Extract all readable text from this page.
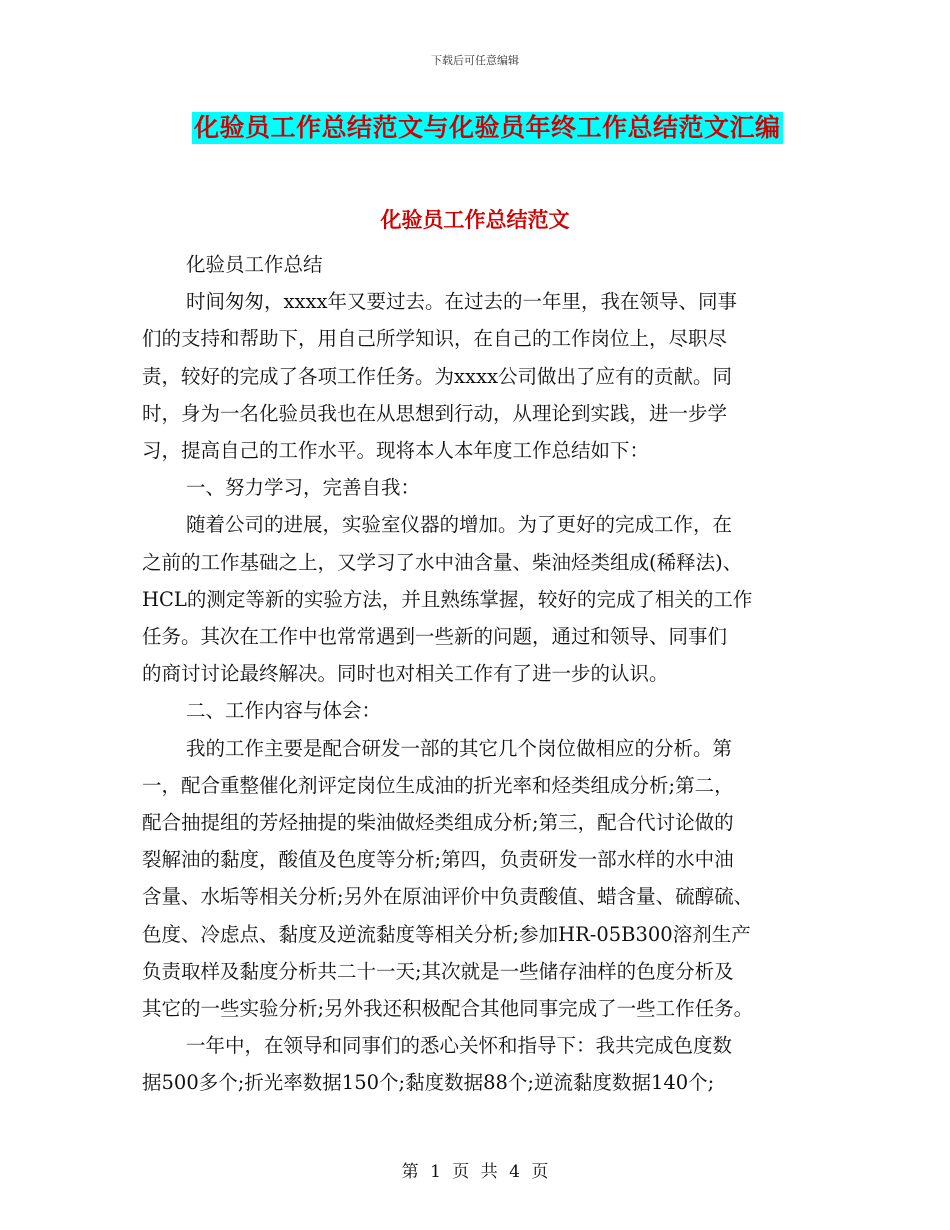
下载后可任意编辑
化验员工作总结范文与化验员年终工作总结范文汇编
化验员工作总结范文

化验员工作总结

时间匆匆，xxxx年又要过去。在过去的一年里，我在领导、同事

们的支持和帮助下，用自己所学知识，在自己的工作岗位上，尽职尽

责，较好的完成了各项工作任务。为xxxx公司做出了应有的贡献。同

时，身为一名化验员我也在从思想到行动，从理论到实践，进一步学

习，提高自己的工作水平。现将本人本年度工作总结如下：

一、努力学习，完善自我：

随着公司的进展，实验室仪器的增加。为了更好的完成工作，在

之前的工作基础之上，又学习了水中油含量、柴油烃类组成(稀释法)、

HCL的测定等新的实验方法，并且熟练掌握，较好的完成了相关的工作

任务。其次在工作中也常常遇到一些新的问题，通过和领导、同事们

的商讨讨论最终解决。同时也对相关工作有了进一步的认识。

二、工作内容与体会：

我的工作主要是配合研发一部的其它几个岗位做相应的分析。第

一，配合重整催化剂评定岗位生成油的折光率和烃类组成分析;第二，

配合抽提组的芳烃抽提的柴油做烃类组成分析;第三，配合代讨论做的

裂解油的黏度，酸值及色度等分析;第四，负责研发一部水样的水中油

含量、水垢等相关分析;另外在原油评价中负责酸值、蜡含量、硫醇硫、

色度、冷虑点、黏度及逆流黏度等相关分析;参加HR-05B300溶剂生产

负责取样及黏度分析共二十一天;其次就是一些储存油样的色度分析及

其它的一些实验分析;另外我还积极配合其他同事完成了一些工作任务。

一年中，在领导和同事们的悉心关怀和指导下：我共完成色度数

据500多个;折光率数据150个;黏度数据88个;逆流黏度数据140个;

第 1 页 共 4 页
